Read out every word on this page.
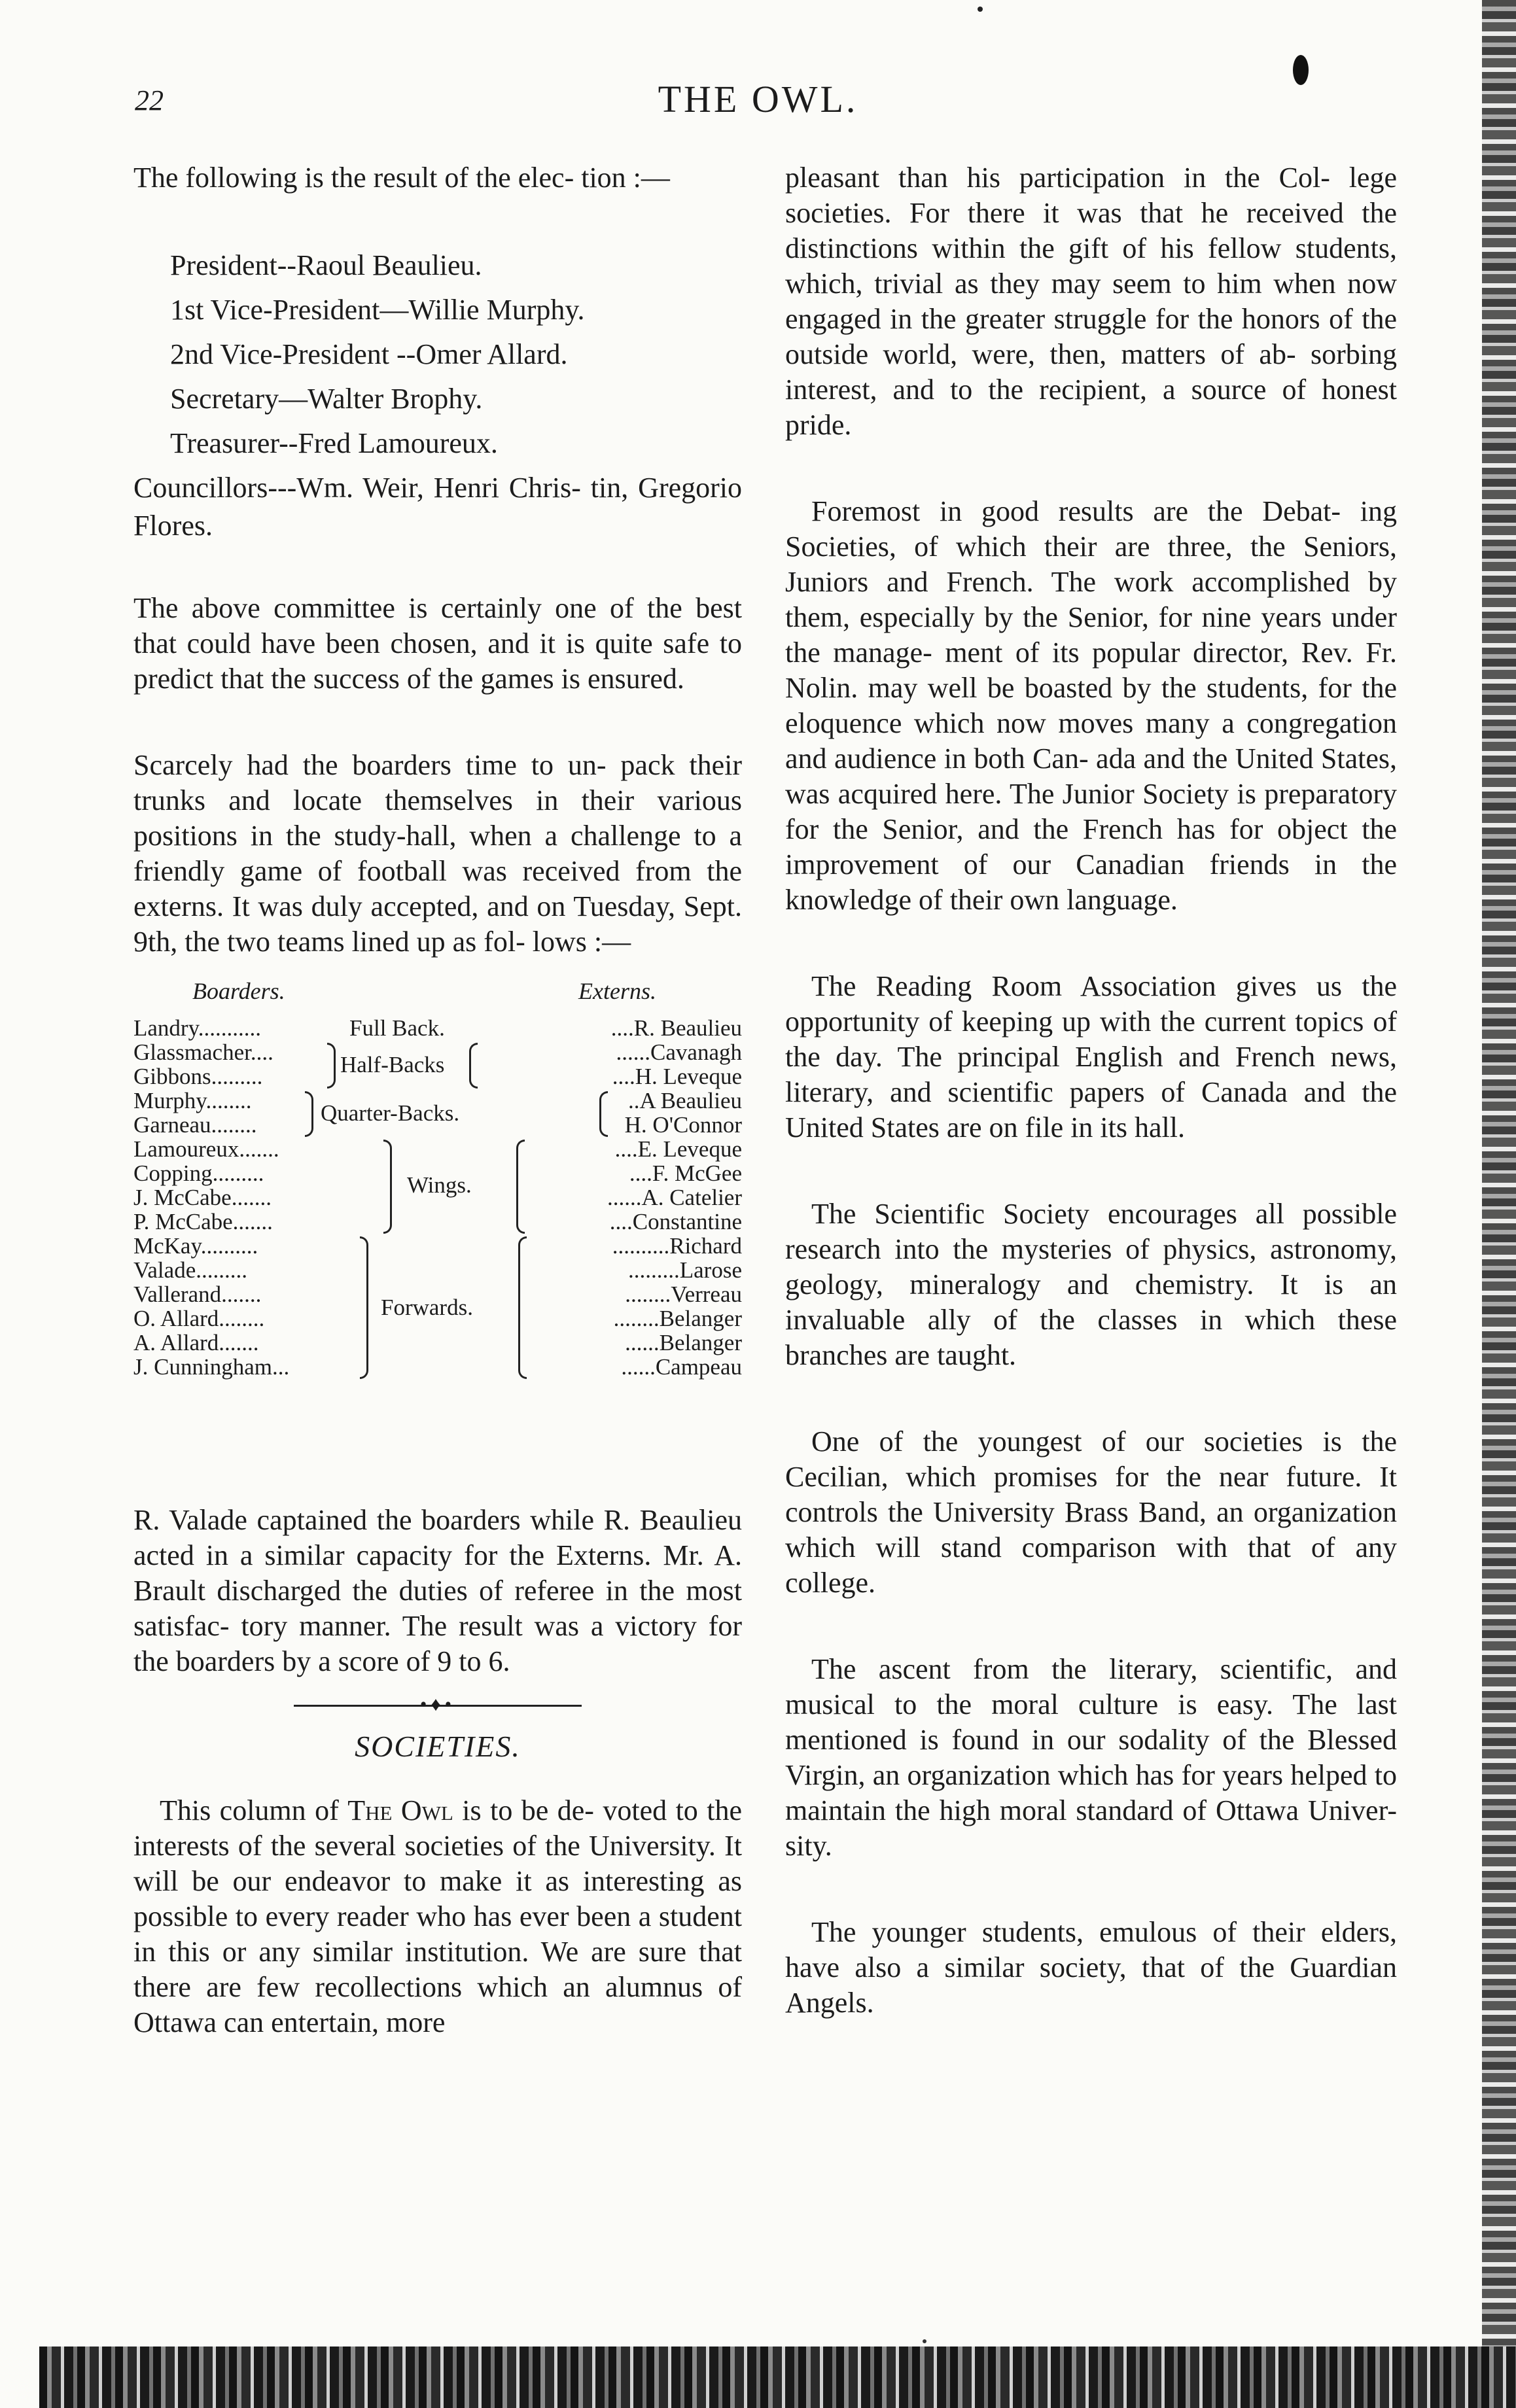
22	THE OWL.

The following is the result of the elec- tion :—

President--Raoul Beaulieu.

1st Vice-President—Willie Murphy.

2nd Vice-President --Omer Allard.

Secretary—Walter Brophy.

Treasurer--Fred Lamoureux.

Councillors---Wm. Weir, Henri Chris- tin, Gregorio Flores.

The above committee is certainly one of the best that could have been chosen, and it is quite safe to predict that the success of the games is ensured.

Scarcely had the boarders time to un- pack their trunks and locate themselves in their various positions in the study-hall, when a challenge to a friendly game of football was received from the externs. It was duly accepted, and on Tuesday, Sept. 9th, the two teams lined up as fol- lows :—

Boarders.	Externs.
Landry...........	Full Back.	....R. Beaulieu
Glassmacher....	......Cavanagh
Gibbons.........	....H. Leveque
Half-Backs
Murphy........	..A Beaulieu
Garneau........	H. O'Connor
Quarter-Backs.
Lamoureux.......	....E. Leveque
Copping.........	....F. McGee
J. McCabe.......	......A. Catelier
P. McCabe.......	....Constantine
Wings.
McKay..........	..........Richard
Valade.........	.........Larose
Vallerand.......	........Verreau
O. Allard........	........Belanger
A. Allard.......	......Belanger
J. Cunningham...	......Campeau
Forwards.

R. Valade captained the boarders while R. Beaulieu acted in a similar capacity for the Externs. Mr. A. Brault discharged the duties of referee in the most satisfac- tory manner. The result was a victory for the boarders by a score of 9 to 6.

•♦•
SOCIETIES.

This column of The Owl is to be de- voted to the interests of the several societies of the University. It will be our endeavor to make it as interesting as possible to every reader who has ever been a student in this or any similar institution. We are sure that there are few recollections which an alumnus of Ottawa can entertain, more

pleasant than his participation in the Col- lege societies. For there it was that he received the distinctions within the gift of his fellow students, which, trivial as they may seem to him when now engaged in the greater struggle for the honors of the outside world, were, then, matters of ab- sorbing interest, and to the recipient, a source of honest pride.

Foremost in good results are the Debat- ing Societies, of which their are three, the Seniors, Juniors and French. The work accomplished by them, especially by the Senior, for nine years under the manage- ment of its popular director, Rev. Fr. Nolin. may well be boasted by the students, for the eloquence which now moves many a congregation and audience in both Can- ada and the United States, was acquired here. The Junior Society is preparatory for the Senior, and the French has for object the improvement of our Canadian friends in the knowledge of their own language.

The Reading Room Association gives us the opportunity of keeping up with the current topics of the day. The principal English and French news, literary, and scientific papers of Canada and the United States are on file in its hall.

The Scientific Society encourages all possible research into the mysteries of physics, astronomy, geology, mineralogy and chemistry. It is an invaluable ally of the classes in which these branches are taught.

One of the youngest of our societies is the Cecilian, which promises for the near future. It controls the University Brass Band, an organization which will stand comparison with that of any college.

The ascent from the literary, scientific, and musical to the moral culture is easy. The last mentioned is found in our sodality of the Blessed Virgin, an organization which has for years helped to maintain the high moral standard of Ottawa Univer- sity.

The younger students, emulous of their elders, have also a similar society, that of the Guardian Angels.
